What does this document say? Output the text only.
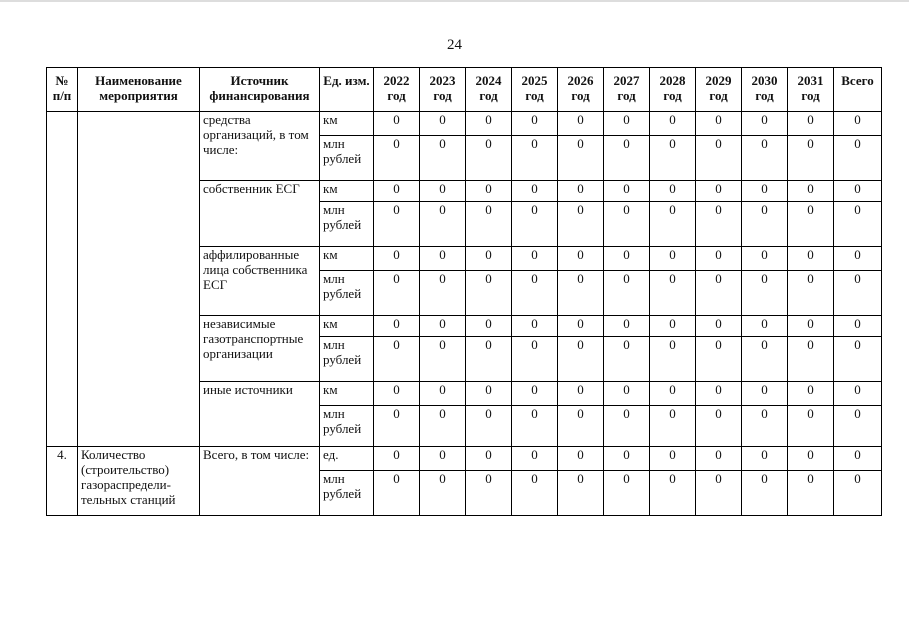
24
№ п/п	Наименование мероприятия	Источник финансирования	Ед. изм.	2022 год	2023 год	2024 год	2025 год	2026 год	2027 год	2028 год	2029 год	2030 год	2031 год	Всего
		средства организаций, в том числе:	км	0	0	0	0	0	0	0	0	0	0	0
			млн рублей	0	0	0	0	0	0	0	0	0	0	0
		собственник ЕСГ	км	0	0	0	0	0	0	0	0	0	0	0
			млн рублей	0	0	0	0	0	0	0	0	0	0	0
		аффилированные лица собственника ЕСГ	км	0	0	0	0	0	0	0	0	0	0	0
			млн рублей	0	0	0	0	0	0	0	0	0	0	0
		независимые газотранспортные организации	км	0	0	0	0	0	0	0	0	0	0	0
			млн рублей	0	0	0	0	0	0	0	0	0	0	0
		иные источники	км	0	0	0	0	0	0	0	0	0	0	0
			млн рублей	0	0	0	0	0	0	0	0	0	0	0
4.	Количество (строительство) газораспредели-тельных станций	Всего, в том числе:	ед.	0	0	0	0	0	0	0	0	0	0	0
			млн рублей	0	0	0	0	0	0	0	0	0	0	0
